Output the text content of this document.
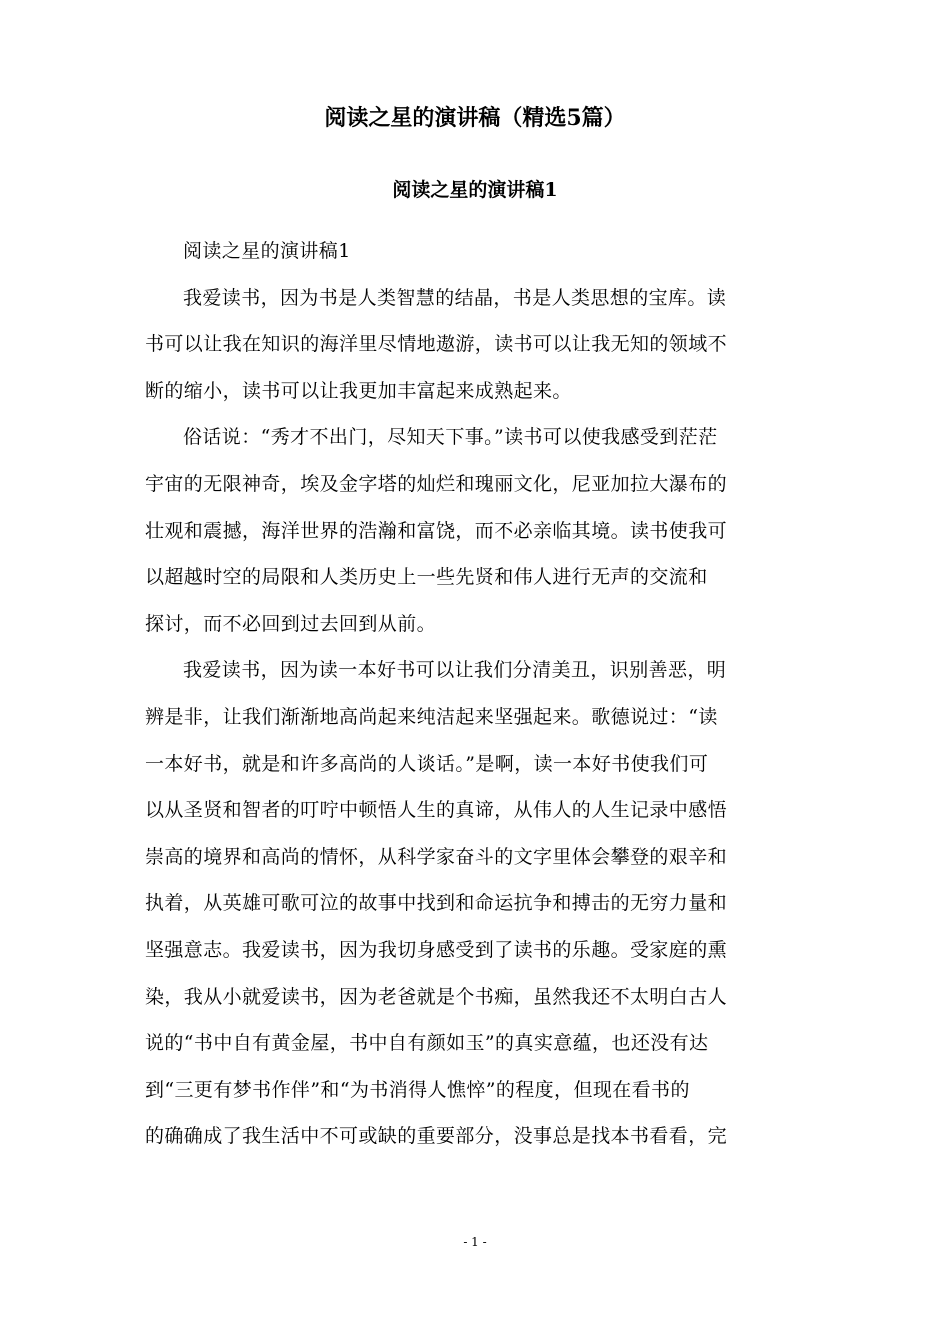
阅读之星的演讲稿（精选5篇）
阅读之星的演讲稿1

阅读之星的演讲稿1

我爱读书，因为书是人类智慧的结晶，书是人类思想的宝库。读
书可以让我在知识的海洋里尽情地遨游，读书可以让我无知的领域不
断的缩小，读书可以让我更加丰富起来成熟起来。

俗话说：“秀才不出门，尽知天下事。”读书可以使我感受到茫茫
宇宙的无限神奇，埃及金字塔的灿烂和瑰丽文化，尼亚加拉大瀑布的
壮观和震撼，海洋世界的浩瀚和富饶，而不必亲临其境。读书使我可
以超越时空的局限和人类历史上一些先贤和伟人进行无声的交流和
探讨，而不必回到过去回到从前。

我爱读书，因为读一本好书可以让我们分清美丑，识别善恶，明
辨是非，让我们渐渐地高尚起来纯洁起来坚强起来。歌德说过：“读
一本好书，就是和许多高尚的人谈话。”是啊，读一本好书使我们可
以从圣贤和智者的叮咛中顿悟人生的真谛，从伟人的人生记录中感悟
崇高的境界和高尚的情怀，从科学家奋斗的文字里体会攀登的艰辛和
执着，从英雄可歌可泣的故事中找到和命运抗争和搏击的无穷力量和
坚强意志。我爱读书，因为我切身感受到了读书的乐趣。受家庭的熏
染，我从小就爱读书，因为老爸就是个书痴，虽然我还不太明白古人
说的“书中自有黄金屋，书中自有颜如玉”的真实意蕴，也还没有达
到“三更有梦书作伴”和“为书消得人憔悴”的程度，但现在看书的
的确确成了我生活中不可或缺的重要部分，没事总是找本书看看，完

- 1 -
